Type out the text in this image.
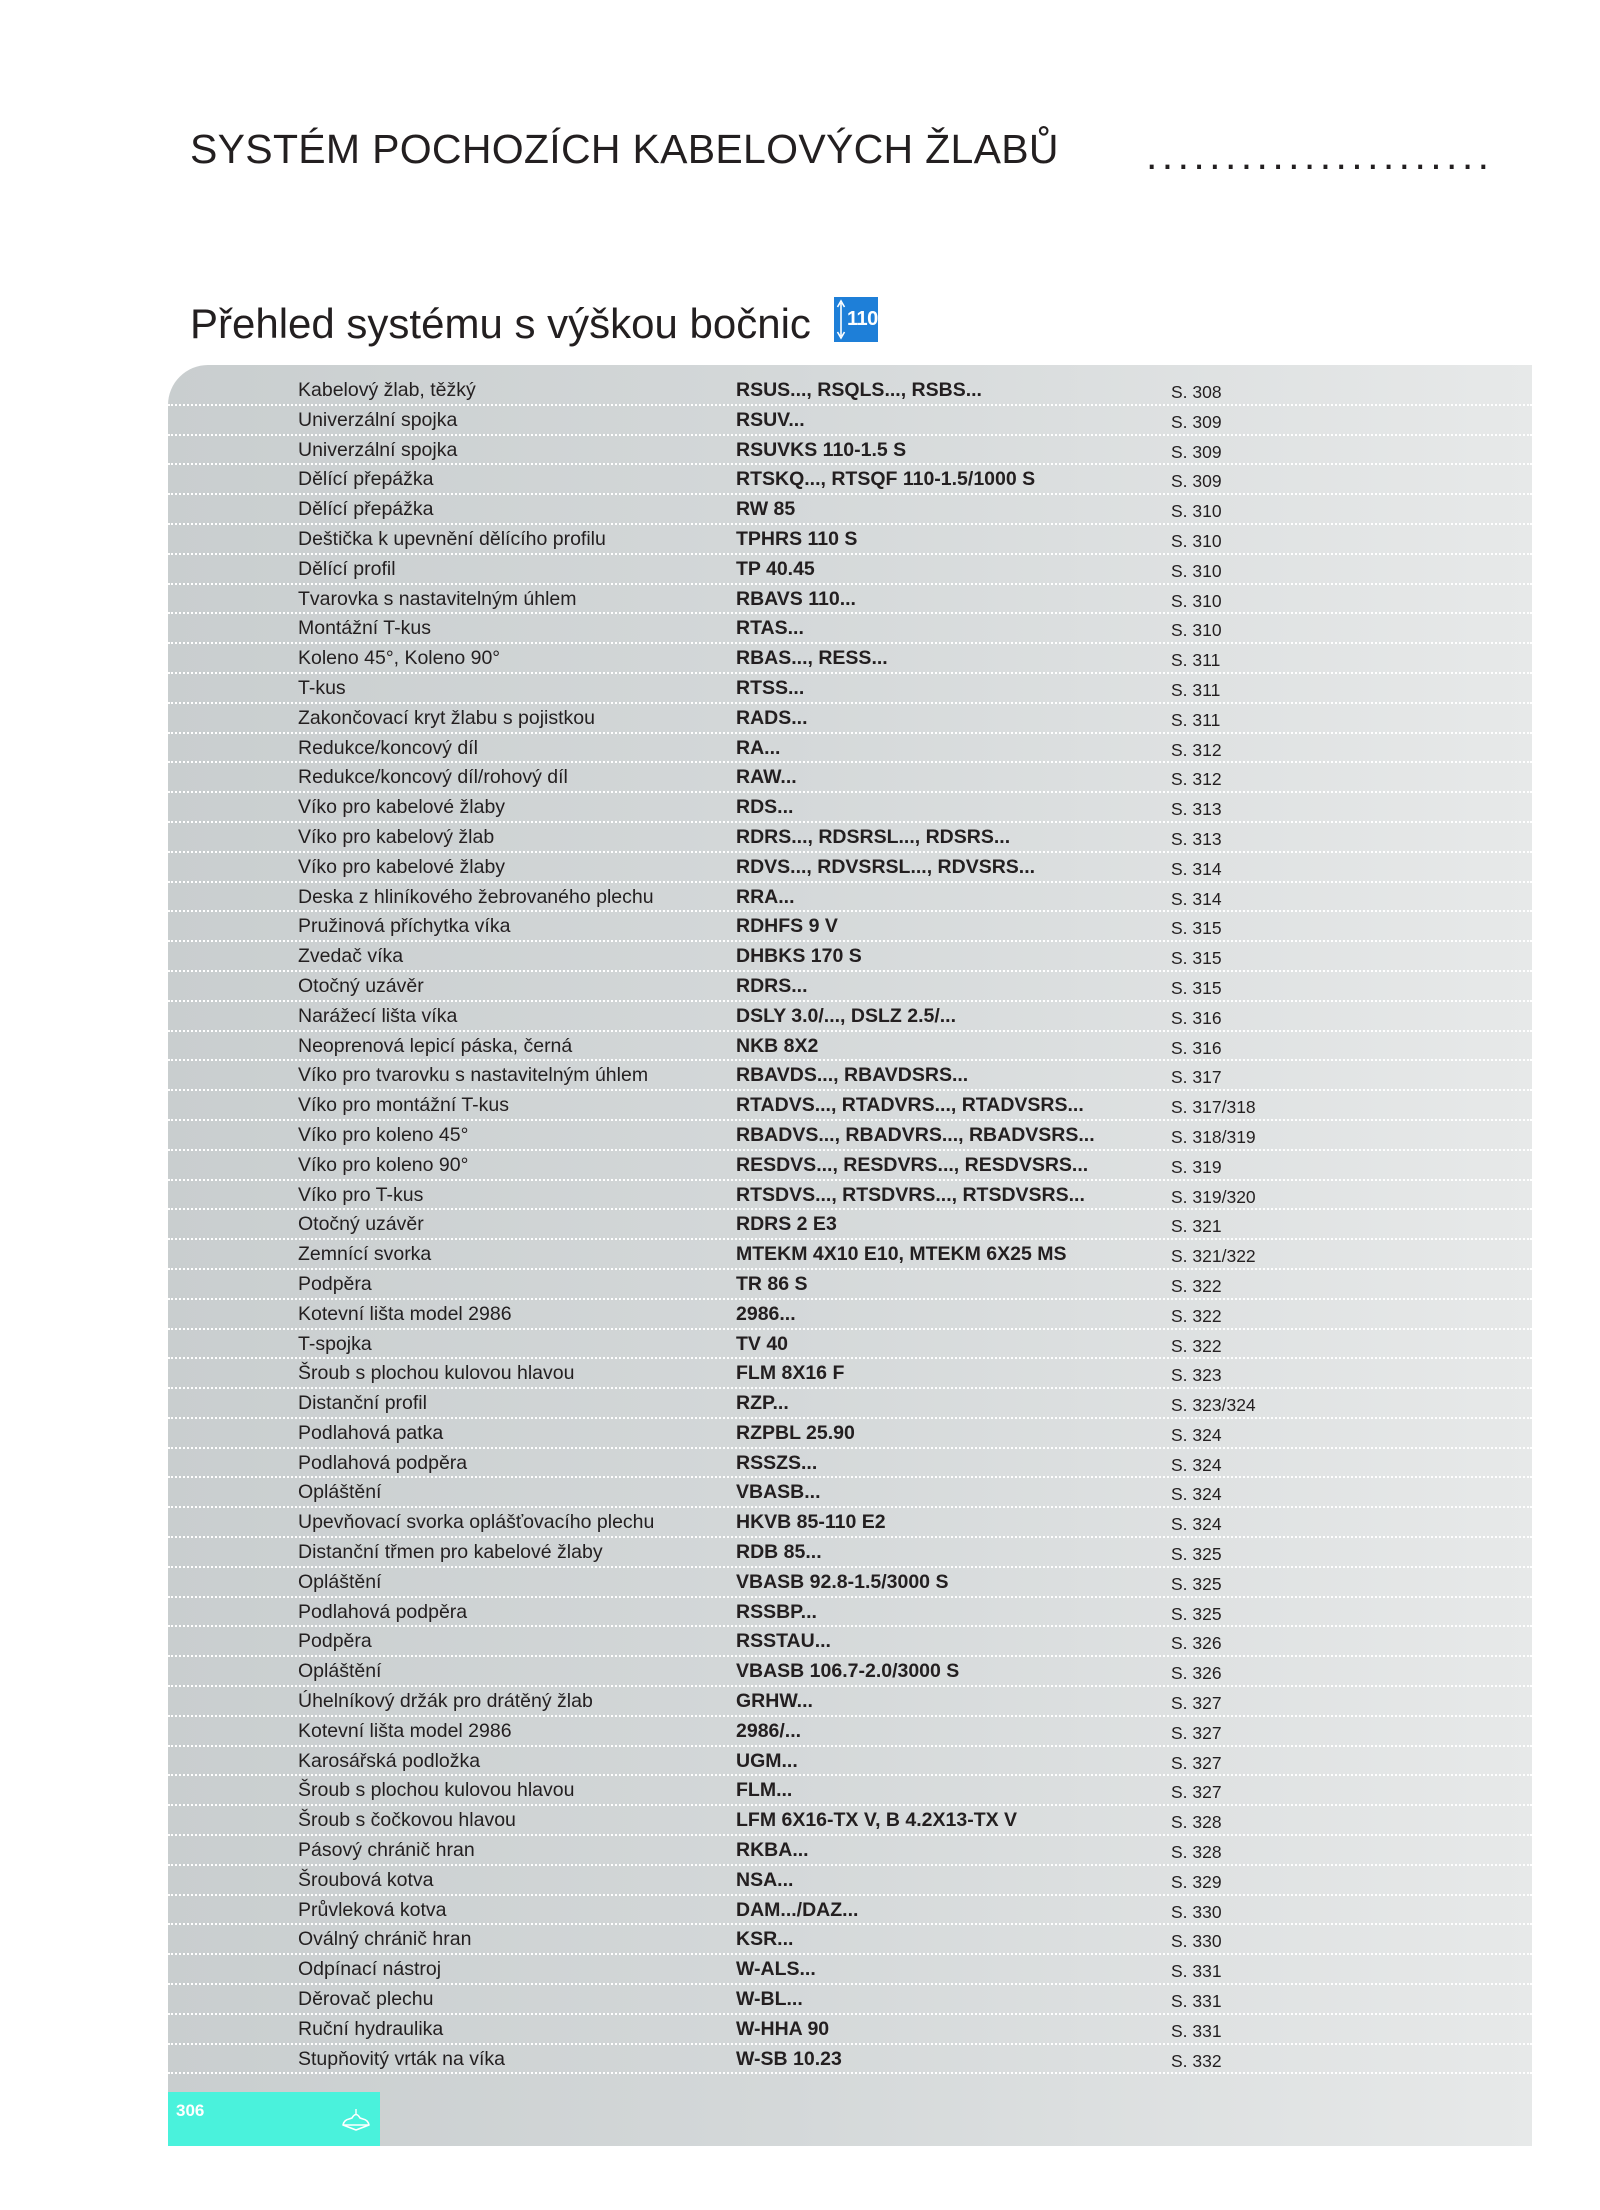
SYSTÉM POCHOZÍCH KABELOVÝCH ŽLABŮ ......................
Přehled systému s výškou bočnic 110
Kabelový žlab, těžký	RSUS..., RSQLS..., RSBS...	S. 308
Univerzální spojka	RSUV...	S. 309
Univerzální spojka	RSUVKS 110-1.5 S	S. 309
Dělící přepážka	RTSKQ..., RTSQF 110-1.5/1000 S	S. 309
Dělící přepážka	RW 85	S. 310
Deštička k upevnění dělícího profilu	TPHRS 110 S	S. 310
Dělící profil	TP 40.45	S. 310
Tvarovka s nastavitelným úhlem	RBAVS 110...	S. 310
Montážní T-kus	RTAS...	S. 310
Koleno 45°, Koleno 90°	RBAS..., RESS...	S. 311
T-kus	RTSS...	S. 311
Zakončovací kryt žlabu s pojistkou	RADS...	S. 311
Redukce/koncový díl	RA...	S. 312
Redukce/koncový díl/rohový díl	RAW...	S. 312
Víko pro kabelové žlaby	RDS...	S. 313
Víko pro kabelový žlab	RDRS..., RDSRSL..., RDSRS...	S. 313
Víko pro kabelové žlaby	RDVS..., RDVSRSL..., RDVSRS...	S. 314
Deska z hliníkového žebrovaného plechu	RRA...	S. 314
Pružinová příchytka víka	RDHFS 9 V	S. 315
Zvedač víka	DHBKS 170 S	S. 315
Otočný uzávěr	RDRS...	S. 315
Narážecí lišta víka	DSLY 3.0/..., DSLZ 2.5/...	S. 316
Neoprenová lepicí páska, černá	NKB 8X2	S. 316
Víko pro tvarovku s nastavitelným úhlem	RBAVDS..., RBAVDSRS...	S. 317
Víko pro montážní T-kus	RTADVS..., RTADVRS..., RTADVSRS...	S. 317/318
Víko pro koleno 45°	RBADVS..., RBADVRS..., RBADVSRS...	S. 318/319
Víko pro koleno 90°	RESDVS..., RESDVRS..., RESDVSRS...	S. 319
Víko pro T-kus	RTSDVS..., RTSDVRS..., RTSDVSRS...	S. 319/320
Otočný uzávěr	RDRS 2 E3	S. 321
Zemnící svorka	MTEKM 4X10 E10, MTEKM 6X25 MS	S. 321/322
Podpěra	TR 86 S	S. 322
Kotevní lišta model 2986	2986...	S. 322
T-spojka	TV 40	S. 322
Šroub s plochou kulovou hlavou	FLM 8X16 F	S. 323
Distanční profil	RZP...	S. 323/324
Podlahová patka	RZPBL 25.90	S. 324
Podlahová podpěra	RSSZS...	S. 324
Opláštění	VBASB...	S. 324
Upevňovací svorka oplášťovacího plechu	HKVB 85-110 E2	S. 324
Distanční třmen pro kabelové žlaby	RDB 85...	S. 325
Opláštění	VBASB 92.8-1.5/3000 S	S. 325
Podlahová podpěra	RSSBP...	S. 325
Podpěra	RSSTAU...	S. 326
Opláštění	VBASB 106.7-2.0/3000 S	S. 326
Úhelníkový držák pro drátěný žlab	GRHW...	S. 327
Kotevní lišta model 2986	2986/...	S. 327
Karosářská podložka	UGM...	S. 327
Šroub s plochou kulovou hlavou	FLM...	S. 327
Šroub s čočkovou hlavou	LFM 6X16-TX V, B 4.2X13-TX V	S. 328
Pásový chránič hran	RKBA...	S. 328
Šroubová kotva	NSA...	S. 329
Průvleková kotva	DAM.../DAZ...	S. 330
Oválný chránič hran	KSR...	S. 330
Odpínací nástroj	W-ALS...	S. 331
Děrovač plechu	W-BL...	S. 331
Ruční hydraulika	W-HHA 90	S. 331
Stupňovitý vrták na víka	W-SB 10.23	S. 332
306
